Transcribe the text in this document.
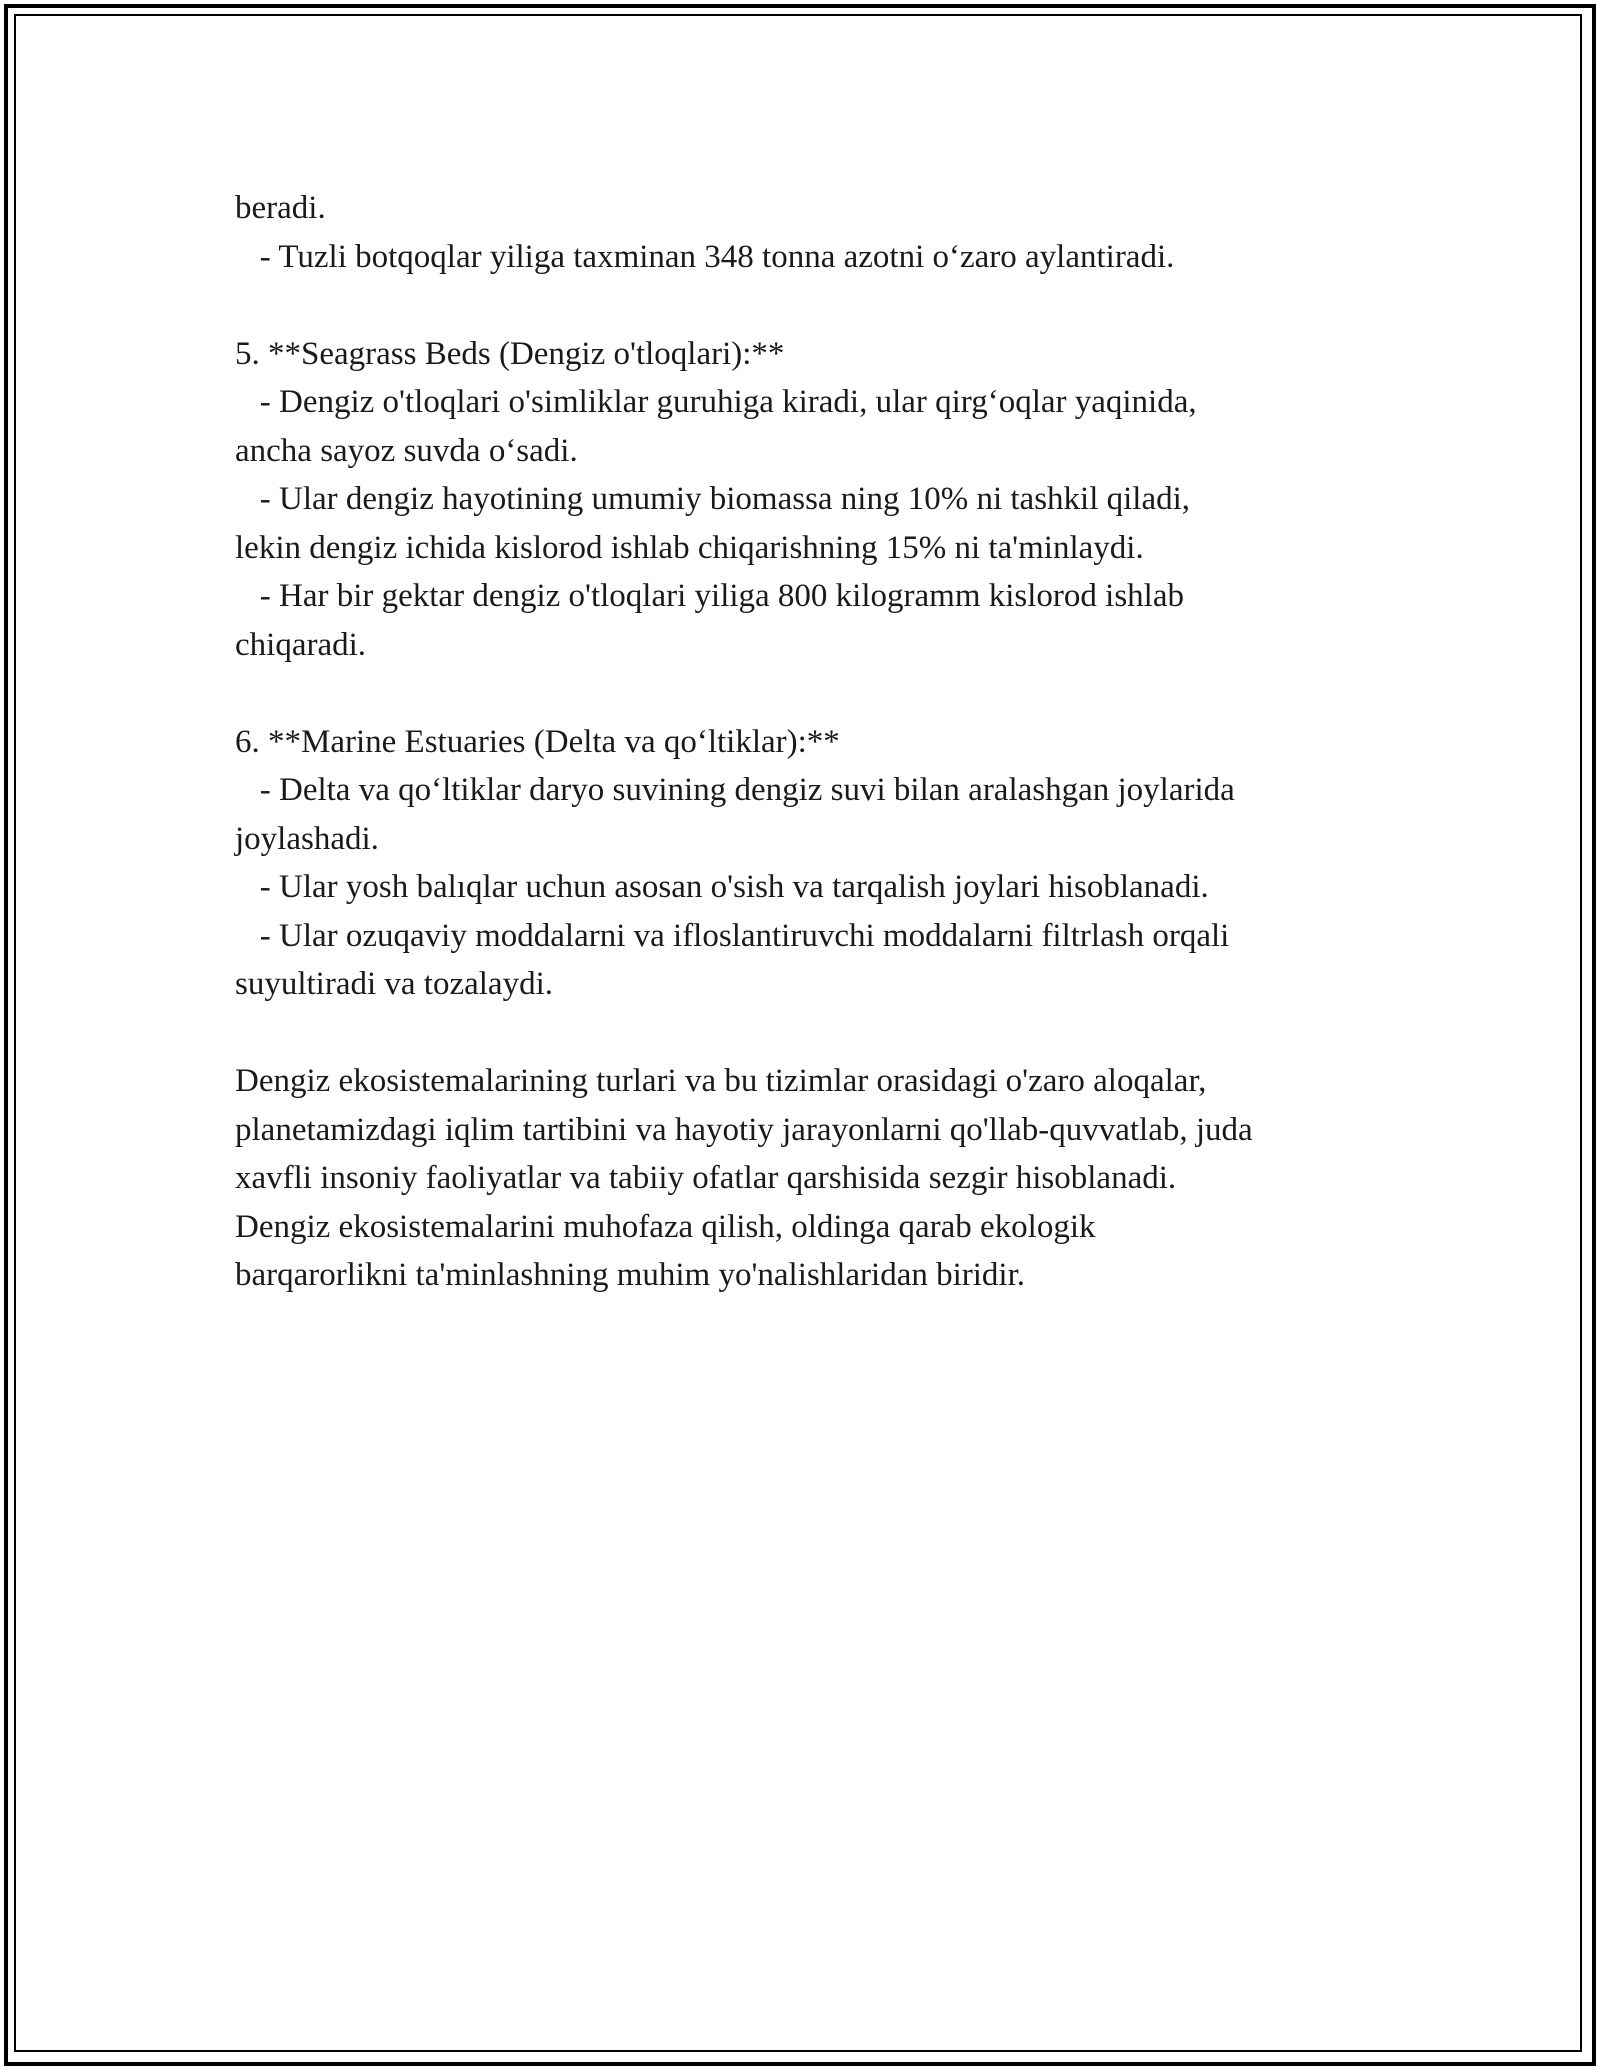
beradi.
- Tuzli botqoqlar yiliga taxminan 348 tonna azotni o‘zaro aylantiradi.
5. **Seagrass Beds (Dengiz o'tloqlari):**
- Dengiz o'tloqlari o'simliklar guruhiga kiradi, ular qirg‘oqlar yaqinida,
ancha sayoz suvda o‘sadi.
- Ular dengiz hayotining umumiy biomassa ning 10% ni tashkil qiladi,
lekin dengiz ichida kislorod ishlab chiqarishning 15% ni ta'minlaydi.
- Har bir gektar dengiz o'tloqlari yiliga 800 kilogramm kislorod ishlab
chiqaradi.
6. **Marine Estuaries (Delta va qo‘ltiklar):**
- Delta va qo‘ltiklar daryo suvining dengiz suvi bilan aralashgan joylarida
joylashadi.
- Ular yosh balıqlar uchun asosan o'sish va tarqalish joylari hisoblanadi.
- Ular ozuqaviy moddalarni va ifloslantiruvchi moddalarni filtrlash orqali
suyultiradi va tozalaydi.
Dengiz ekosistemalarining turlari va bu tizimlar orasidagi o'zaro aloqalar,
planetamizdagi iqlim tartibini va hayotiy jarayonlarni qo'llab-quvvatlab, juda
xavfli insoniy faoliyatlar va tabiiy ofatlar qarshisida sezgir hisoblanadi.
Dengiz ekosistemalarini muhofaza qilish, oldinga qarab ekologik
barqarorlikni ta'minlashning muhim yo'nalishlaridan biridir.
